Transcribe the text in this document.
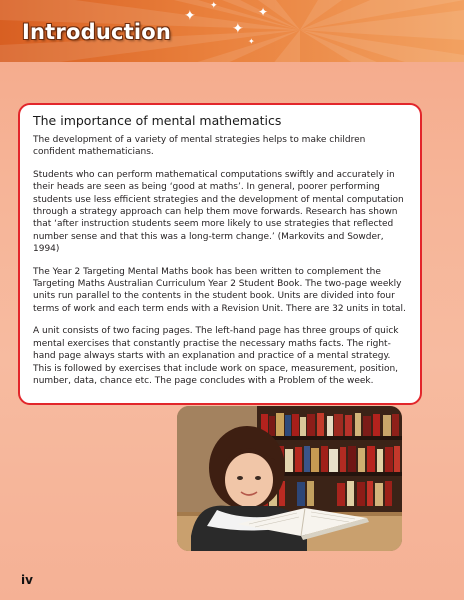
✦
✦
✦
✦
✦
Introduction
The importance of mental mathematics

The development of a variety of mental strategies helps to make children confident mathematicians.

Students who can perform mathematical computations swiftly and accurately in their heads are seen as being ‘good at maths’. In general, poorer performing students use less efficient strategies and the development of mental computation through a strategy approach can help them move forwards. Research has shown that ‘after instruction students seem more likely to use strategies that reflected number sense and that this was a long-term change.’ (Markovits and Sowder, 1994)

The Year 2 Targeting Mental Maths book has been written to complement the Targeting Maths Australian Curriculum Year 2 Student Book. The two-page weekly units run parallel to the contents in the student book. Units are divided into four terms of work and each term ends with a Revision Unit. There are 32 units in total.

A unit consists of two facing pages. The left-hand page has three groups of quick mental exercises that constantly practise the necessary maths facts. The right-hand page always starts with an explanation and practice of a mental strategy. This is followed by exercises that include work on space, measurement, position, number, data, chance etc. The page concludes with a Problem of the week.

iv
